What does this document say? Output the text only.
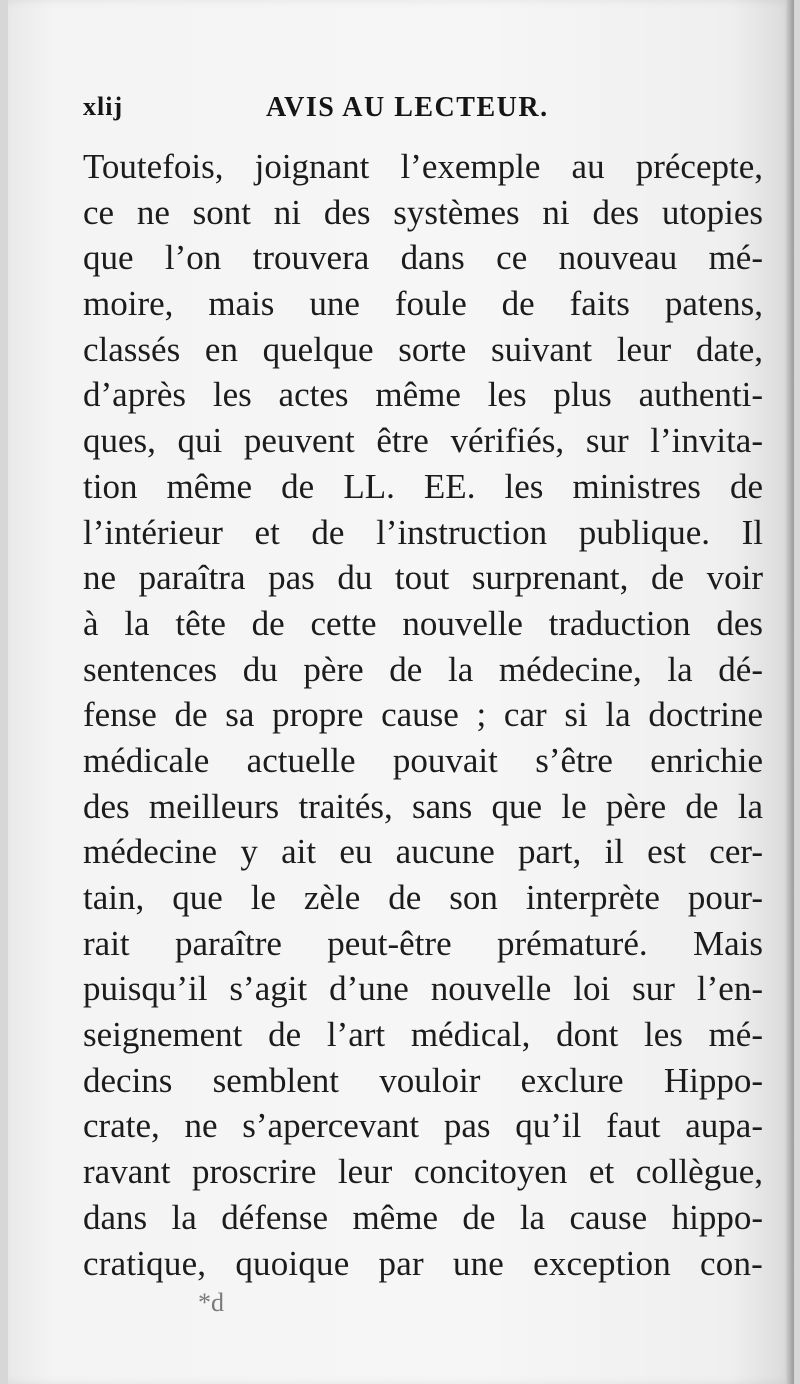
xlij	AVIS AU LECTEUR.
Toutefois, joignant l’exemple au précepte,
ce ne sont ni des systèmes ni des utopies
que l’on trouvera dans ce nouveau mé-
moire, mais une foule de faits patens,
classés en quelque sorte suivant leur date,
d’après les actes même les plus authenti-
ques, qui peuvent être vérifiés, sur l’invita-
tion même de LL. EE. les ministres de
l’intérieur et de l’instruction publique. Il
ne paraîtra pas du tout surprenant, de voir
à la tête de cette nouvelle traduction des
sentences du père de la médecine, la dé-
fense de sa propre cause ; car si la doctrine
médicale actuelle pouvait s’être enrichie
des meilleurs traités, sans que le père de la
médecine y ait eu aucune part, il est cer-
tain, que le zèle de son interprète pour-
rait paraître peut-être prématuré. Mais
puisqu’il s’agit d’une nouvelle loi sur l’en-
seignement de l’art médical, dont les mé-
decins semblent vouloir exclure Hippo-
crate, ne s’apercevant pas qu’il faut aupa-
ravant proscrire leur concitoyen et collègue,
dans la défense même de la cause hippo-
cratique, quoique par une exception con-
*d
